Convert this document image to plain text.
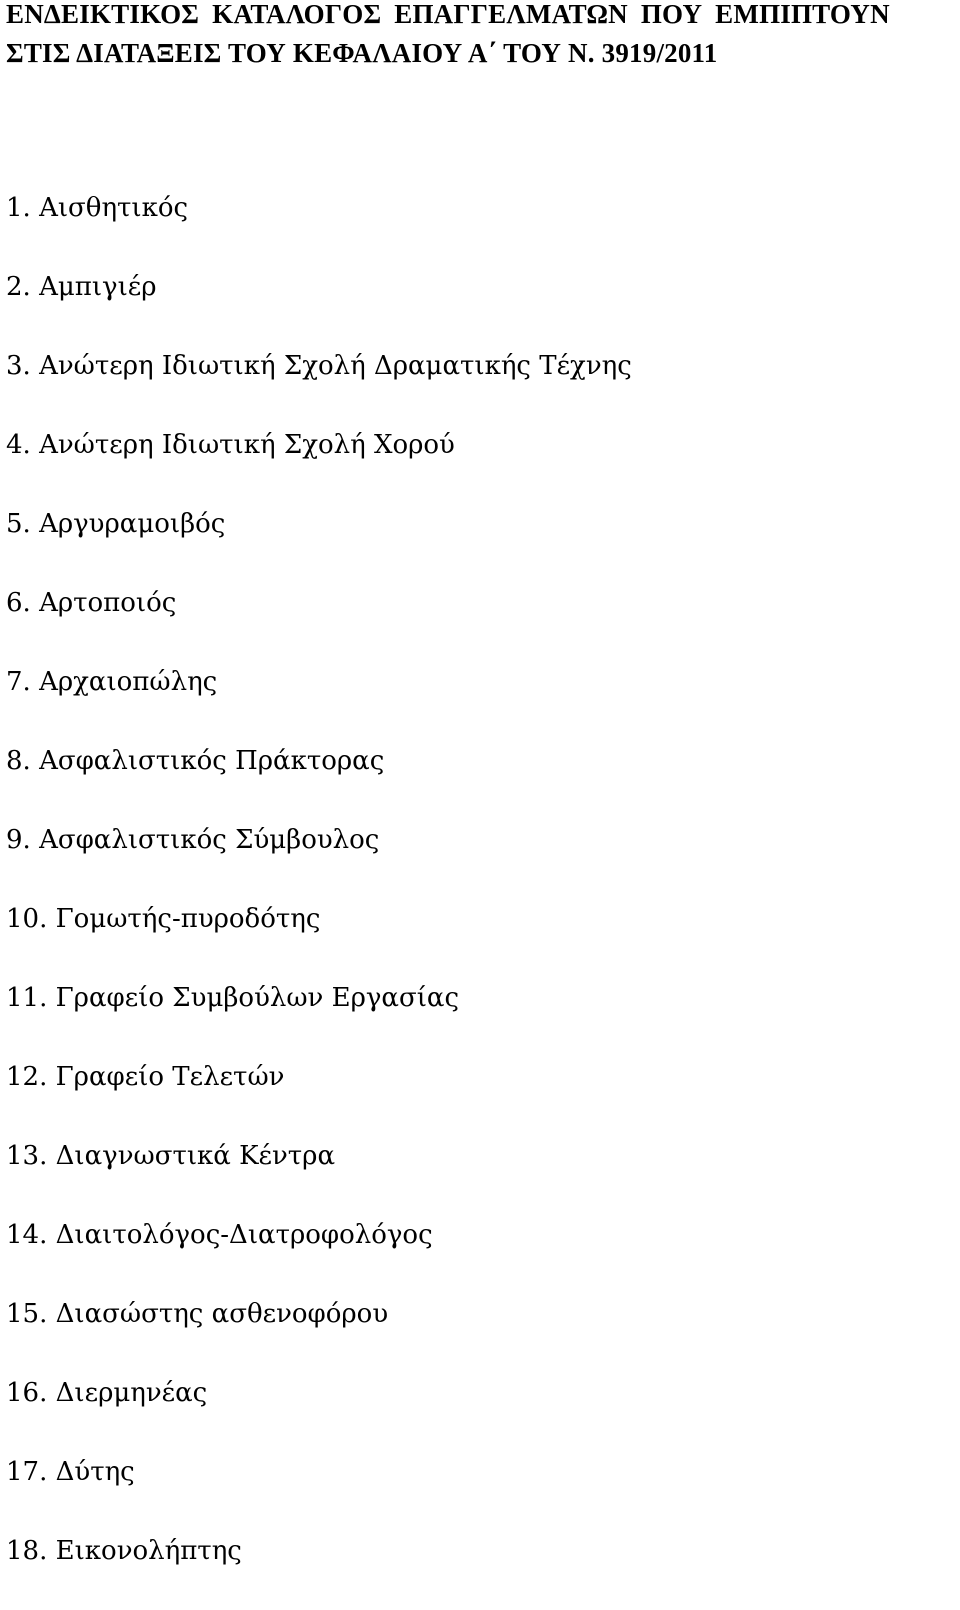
ΕΝΔΕΙΚΤΙΚΟΣ ΚΑΤΑΛΟΓΟΣ ΕΠΑΓΓΕΛΜΑΤΩΝ ΠΟΥ ΕΜΠΙΠΤΟΥΝ
ΣΤΙΣ ΔΙΑΤΑΞΕΙΣ ΤΟΥ ΚΕΦΑΛΑΙΟΥ Α΄ ΤΟΥ Ν. 3919/2011
1. Αισθητικός
2. Αμπιγιέρ
3. Ανώτερη Ιδιωτική Σχολή Δραματικής Τέχνης
4. Ανώτερη Ιδιωτική Σχολή Χορού
5. Αργυραμοιβός
6. Αρτοποιός
7. Αρχαιοπώλης
8. Ασφαλιστικός Πράκτορας
9. Ασφαλιστικός Σύμβουλος
10. Γομωτής-πυροδότης
11. Γραφείο Συμβούλων Εργασίας
12. Γραφείο Τελετών
13. Διαγνωστικά Κέντρα
14. Διαιτολόγος-Διατροφολόγος
15. Διασώστης ασθενοφόρου
16. Διερμηνέας
17. Δύτης
18. Εικονολήπτης
